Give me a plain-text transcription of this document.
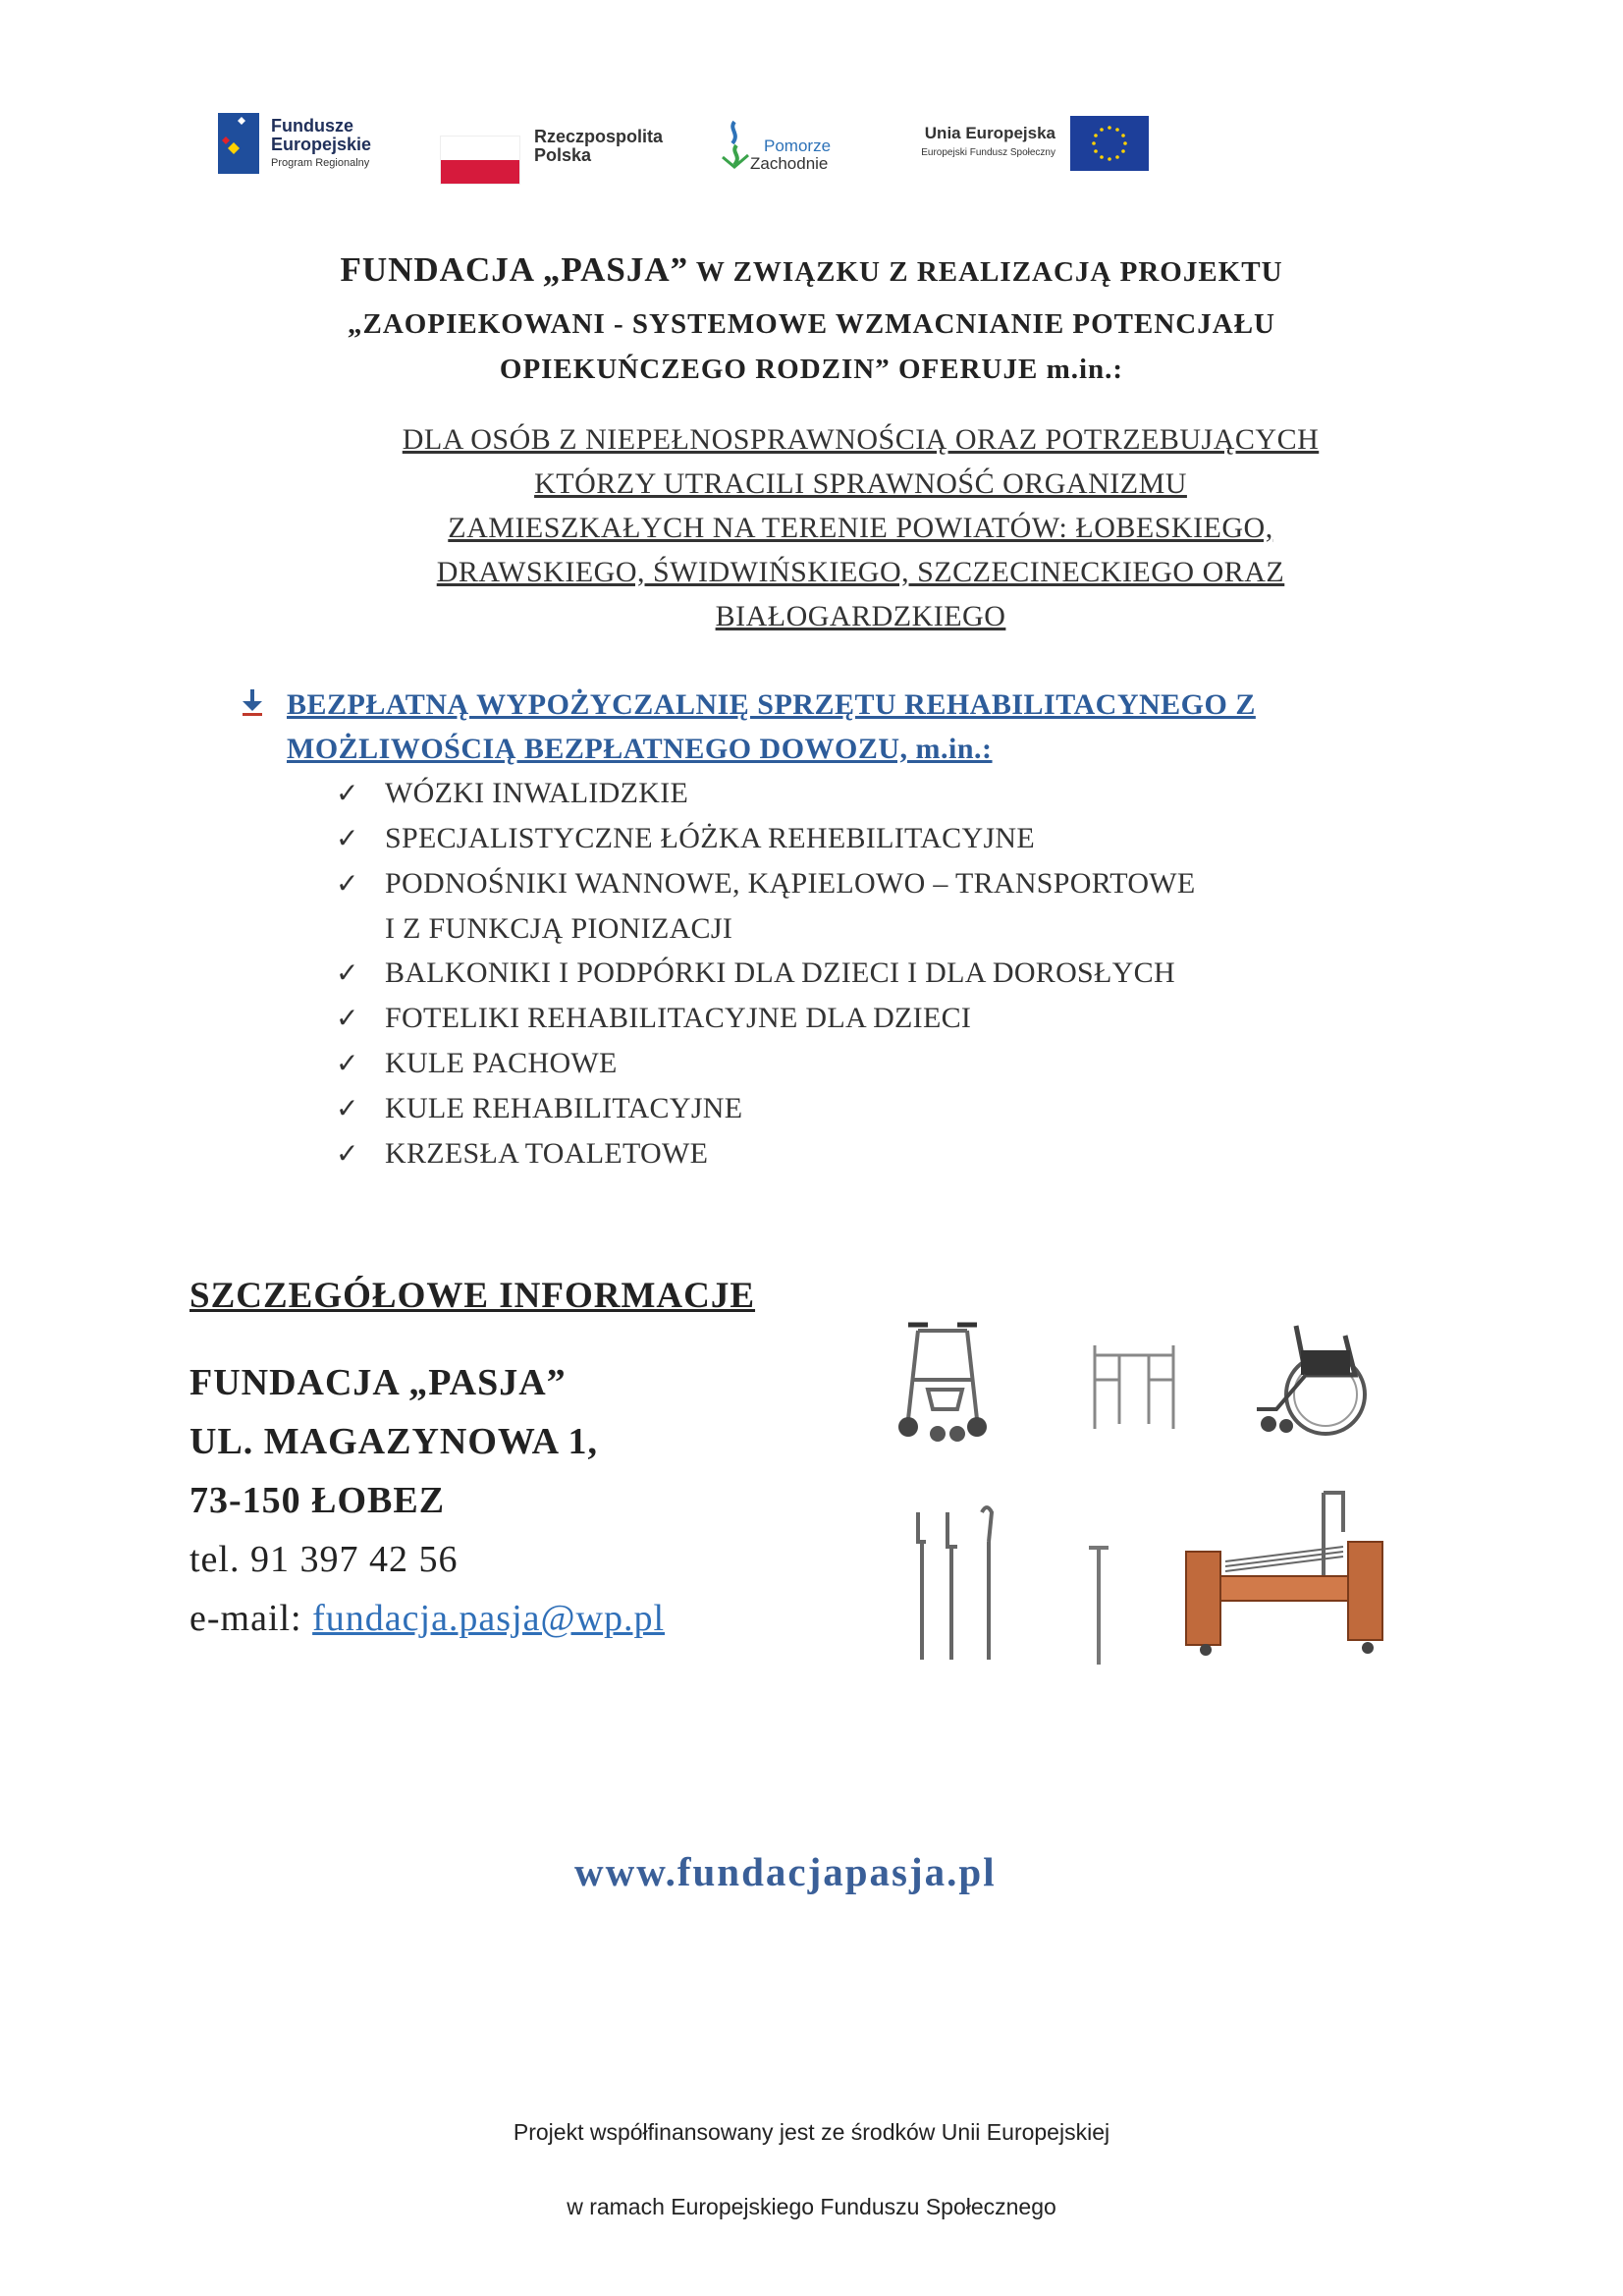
Fundusze
Europejskie
Program Regionalny
Rzeczpospolita
Polska	Pomorze
Zachodnie
Unia Europejska
Europejski Fundusz Społeczny
FUNDACJA „PASJA” W ZWIĄZKU Z REALIZACJĄ PROJEKTU
„ZAOPIEKOWANI - SYSTEMOWE WZMACNIANIE POTENCJAŁU
OPIEKUŃCZEGO RODZIN” OFERUJE m.in.:
DLA OSÓB Z NIEPEŁNOSPRAWNOŚCIĄ ORAZ POTRZEBUJĄCYCH
KTÓRZY UTRACILI SPRAWNOŚĆ ORGANIZMU
ZAMIESZKAŁYCH NA TERENIE POWIATÓW: ŁOBESKIEGO,
DRAWSKIEGO, ŚWIDWIŃSKIEGO, SZCZECINECKIEGO ORAZ
BIAŁOGARDZKIEGO
BEZPŁATNĄ WYPOŻYCZALNIĘ SPRZĘTU REHABILITACYNEGO Z
MOŻLIWOŚCIĄ BEZPŁATNEGO DOWOZU, m.in.:
✓ WÓZKI INWALIDZKIE
✓ SPECJALISTYCZNE ŁÓŻKA REHEBILITACYJNE
✓ PODNOŚNIKI WANNOWE, KĄPIELOWO – TRANSPORTOWE
I Z FUNKCJĄ PIONIZACJI
✓ BALKONIKI I PODPÓRKI DLA DZIECI I DLA DOROSŁYCH
✓ FOTELIKI REHABILITACYJNE DLA DZIECI
✓ KULE PACHOWE
✓ KULE REHABILITACYJNE
✓ KRZESŁA TOALETOWE
SZCZEGÓŁOWE INFORMACJE
FUNDACJA „PASJA”
UL. MAGAZYNOWA 1,
73-150 ŁOBEZ
tel. 91 397 42 56
e-mail: fundacja.pasja@wp.pl
www.fundacjapasja.pl
Projekt współfinansowany jest ze środków Unii Europejskiej
w ramach Europejskiego Funduszu Społecznego
